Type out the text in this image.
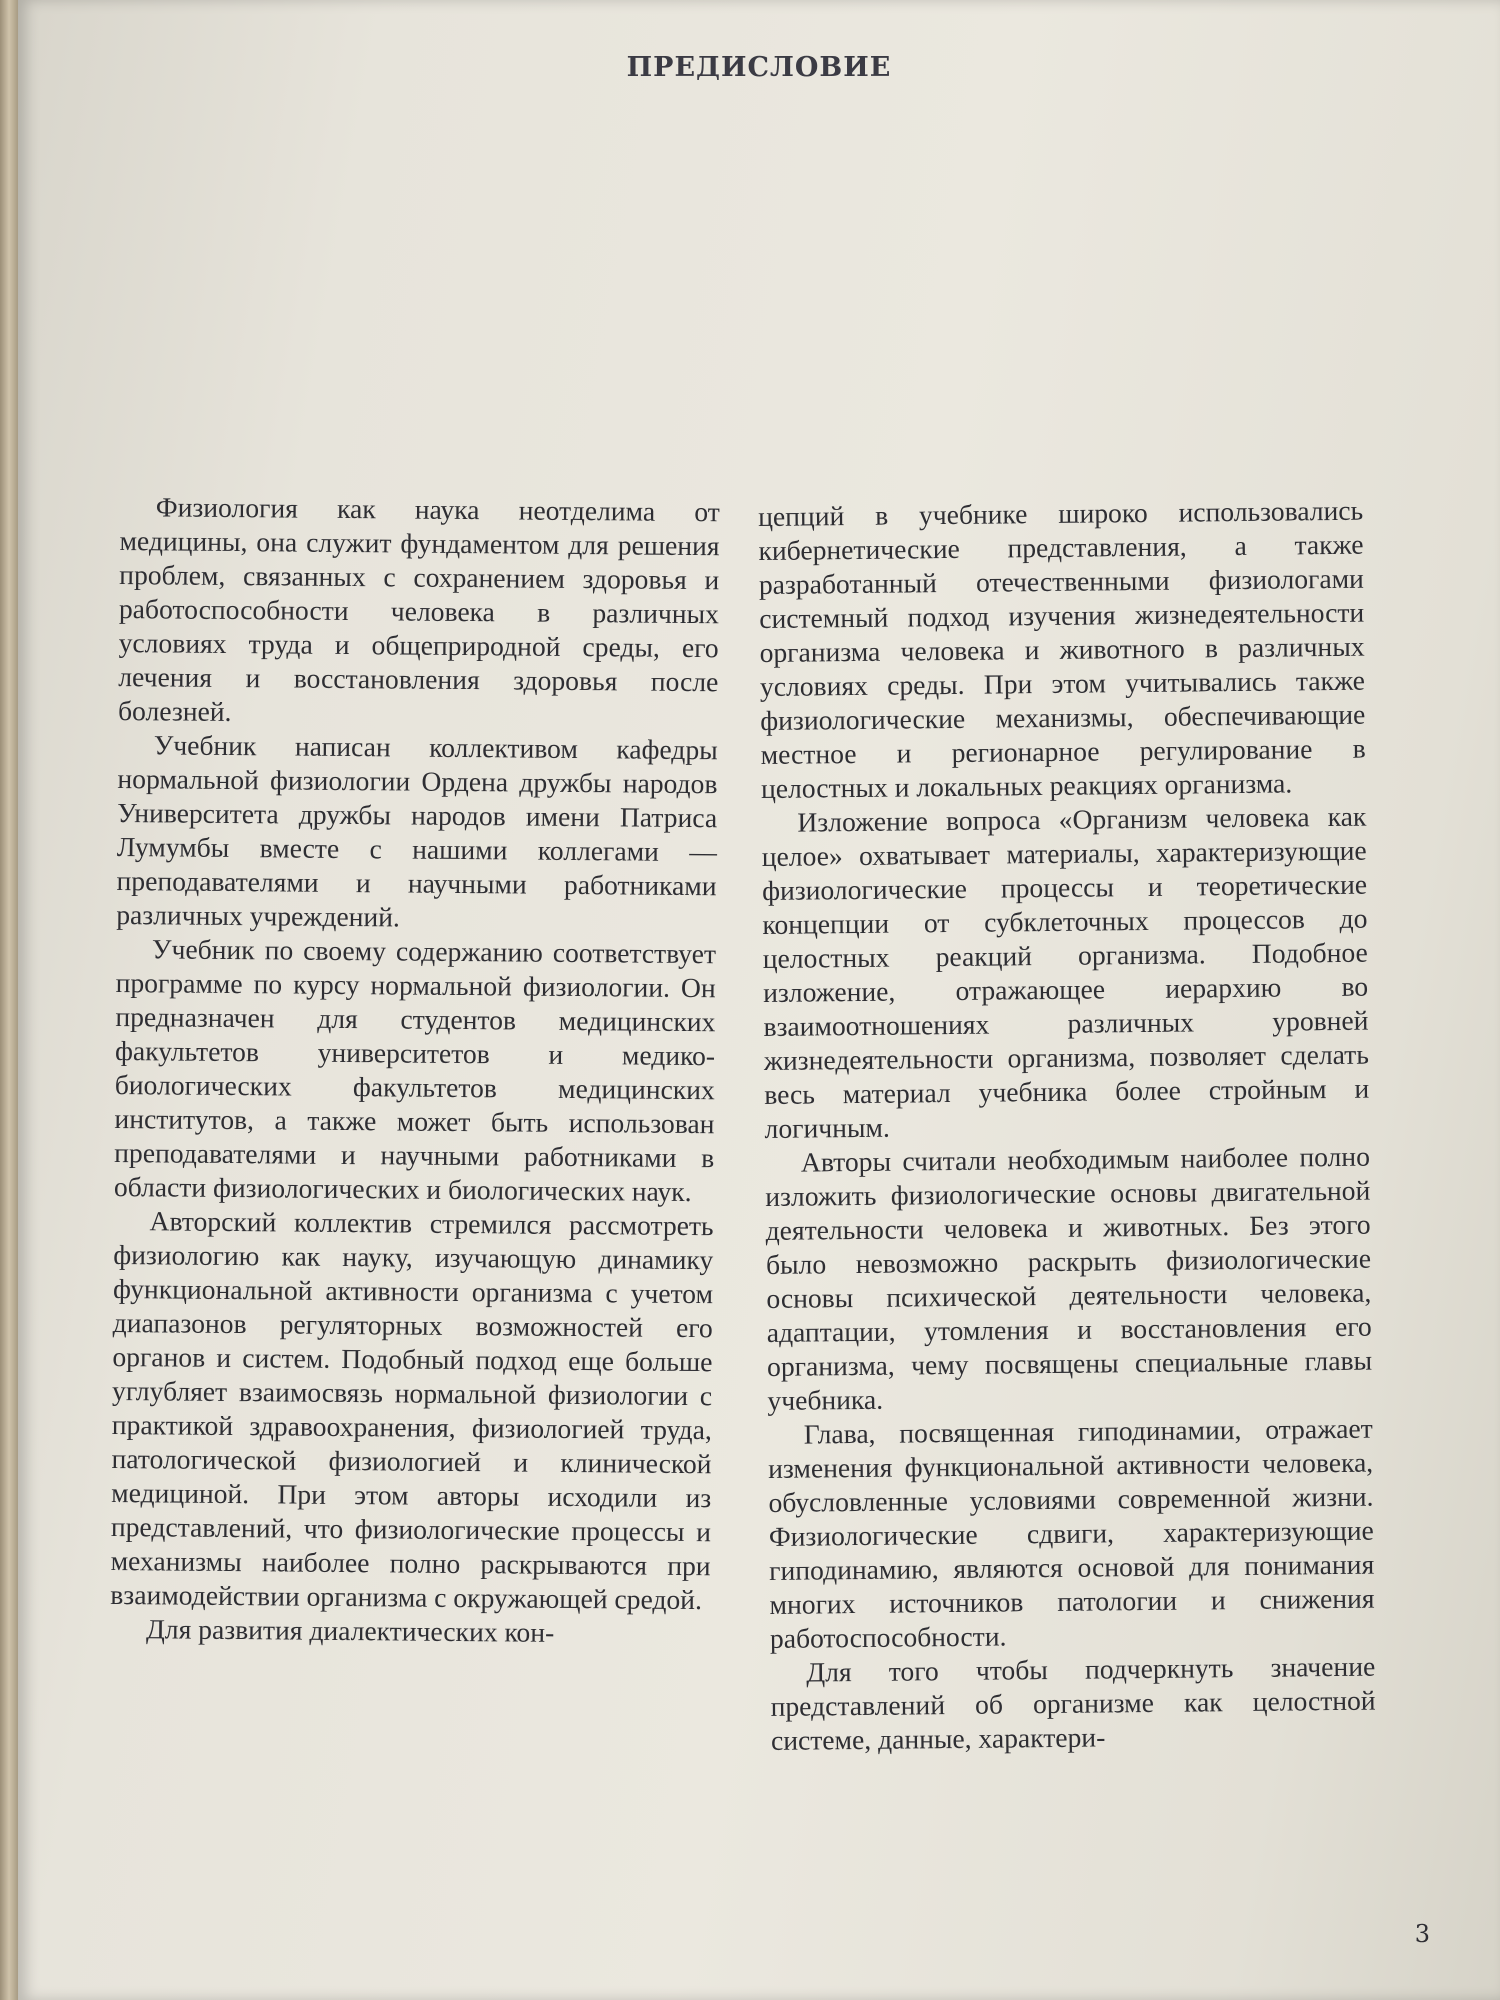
ПРЕДИСЛОВИЕ

Физиология как наука неотделима от медицины, она служит фундаментом для решения проблем, связанных с сохранением здоровья и работоспособности человека в различных условиях труда и общеприродной среды, его лечения и восстановления здоровья после болезней.

Учебник написан коллективом кафедры нормальной физиологии Ордена дружбы народов Университета дружбы народов имени Патриса Лумумбы вместе с нашими коллегами — преподавателями и научными работниками различных учреждений.

Учебник по своему содержанию соответствует программе по курсу нормальной физиологии. Он предназначен для студентов медицинских факультетов университетов и медико-биологических факультетов медицинских институтов, а также может быть использован преподавателями и научными работниками в области физиологических и биологических наук.

Авторский коллектив стремился рассмотреть физиологию как науку, изучающую динамику функциональной активности организма с учетом диапазонов регуляторных возможностей его органов и систем. Подобный подход еще больше углубляет взаимосвязь нормальной физиологии с практикой здравоохранения, физиологией труда, патологической физиологией и клинической медициной. При этом авторы исходили из представлений, что физиологические процессы и механизмы наиболее полно раскрываются при взаимодействии организма с окружающей средой.

Для развития диалектических кон-

цепций в учебнике широко использовались кибернетические представления, а также разработанный отечественными физиологами системный подход изучения жизнедеятельности организма человека и животного в различных условиях среды. При этом учитывались также физиологические механизмы, обеспечивающие местное и регионарное регулирование в целостных и локальных реакциях организма.

Изложение вопроса «Организм человека как целое» охватывает материалы, характеризующие физиологические процессы и теоретические концепции от субклеточных процессов до целостных реакций организма. Подобное изложение, отражающее иерархию во взаимоотношениях различных уровней жизнедеятельности организма, позволяет сделать весь материал учебника более стройным и логичным.

Авторы считали необходимым наиболее полно изложить физиологические основы двигательной деятельности человека и животных. Без этого было невозможно раскрыть физиологические основы психической деятельности человека, адаптации, утомления и восстановления его организма, чему посвящены специальные главы учебника.

Глава, посвященная гиподинамии, отражает изменения функциональной активности человека, обусловленные условиями современной жизни. Физиологические сдвиги, характеризующие гиподинамию, являются основой для понимания многих источников патологии и снижения работоспособности.

Для того чтобы подчеркнуть значение представлений об организме как целостной системе, данные, характери-

3
